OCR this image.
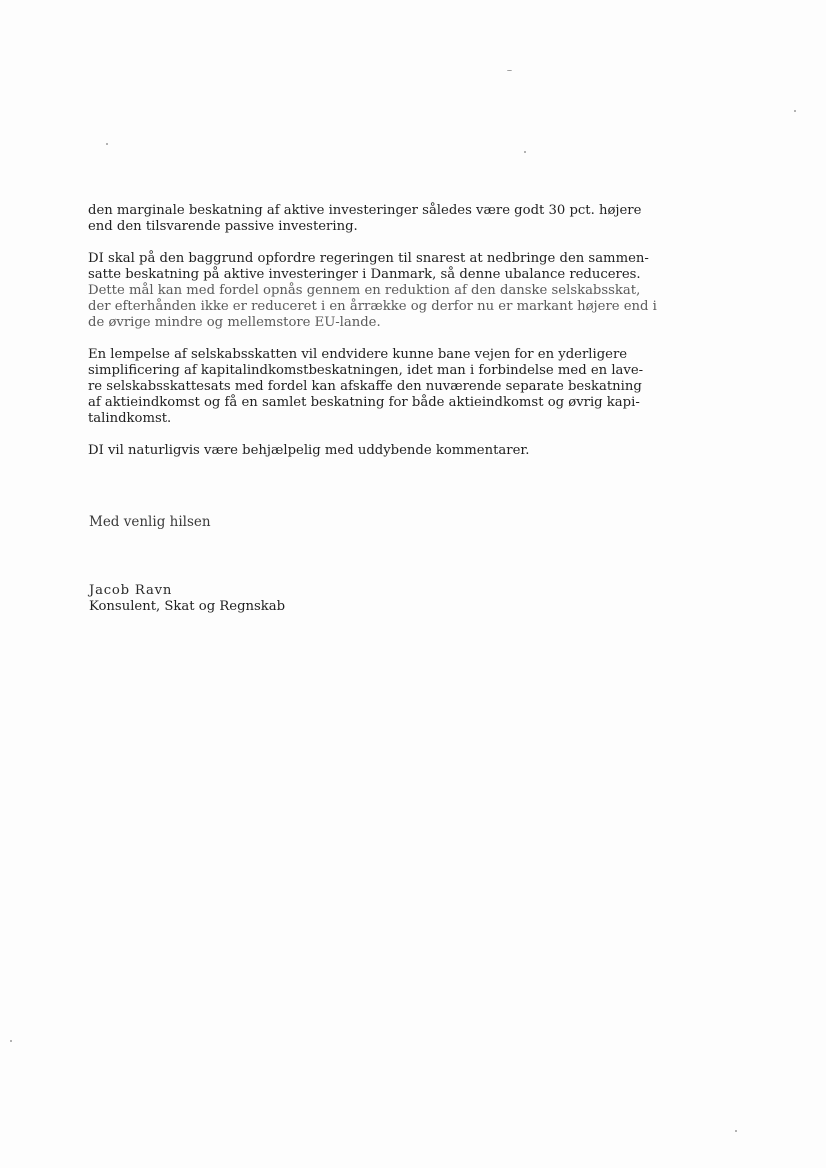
den marginale beskatning af aktive investeringer således være godt 30 pct. højere
end den tilsvarende passive investering.

DI skal på den baggrund opfordre regeringen til snarest at nedbringe den sammen-
satte beskatning på aktive investeringer i Danmark, så denne ubalance reduceres.
Dette mål kan med fordel opnås gennem en reduktion af den danske selskabsskat,
der efterhånden ikke er reduceret i en årrække og derfor nu er markant højere end i
de øvrige mindre og mellemstore EU-lande.

En lempelse af selskabsskatten vil endvidere kunne bane vejen for en yderligere
simplificering af kapitalindkomstbeskatningen, idet man i forbindelse med en lave-
re selskabsskattesats med fordel kan afskaffe den nuværende separate beskatning
af aktieindkomst og få en samlet beskatning for både aktieindkomst og øvrig kapi-
talindkomst.

DI vil naturligvis være behjælpelig med uddybende kommentarer.

Med venlig hilsen
Jacob Ravn
Konsulent, Skat og Regnskab
